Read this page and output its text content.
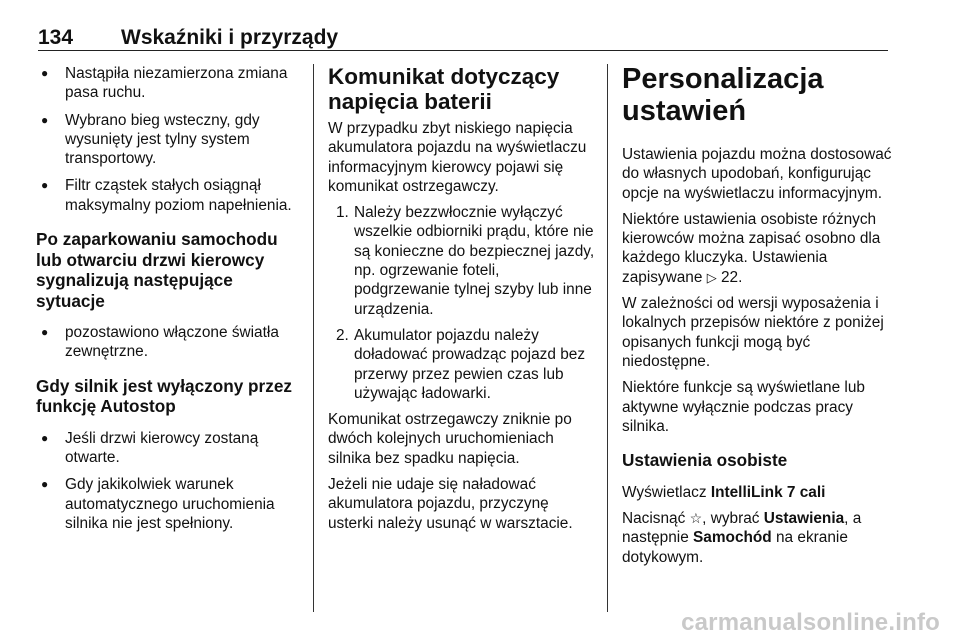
134 Wskaźniki i przyrządy
● Nastąpiła niezamierzona zmiana pasa ruchu.
● Wybrano bieg wsteczny, gdy wysunięty jest tylny system transportowy.
● Filtr cząstek stałych osiągnął maksymalny poziom napełnienia.
Po zaparkowaniu samochodu lub otwarciu drzwi kierowcy sygnalizują następujące sytuacje
● pozostawiono włączone światła zewnętrzne.
Gdy silnik jest wyłączony przez funkcję Autostop
● Jeśli drzwi kierowcy zostaną otwarte.
● Gdy jakikolwiek warunek automatycznego uruchomienia silnika nie jest spełniony.
Komunikat dotyczący napięcia baterii

W przypadku zbyt niskiego napięcia akumulatora pojazdu na wyświetlaczu informacyjnym kierowcy pojawi się komunikat ostrzegawczy.

1. Należy bezzwłocznie wyłączyć wszelkie odbiorniki prądu, które nie są konieczne do bezpiecznej jazdy, np. ogrzewanie foteli, podgrzewanie tylnej szyby lub inne urządzenia.
2. Akumulator pojazdu należy doładować prowadząc pojazd bez przerwy przez pewien czas lub używając ładowarki.

Komunikat ostrzegawczy zniknie po dwóch kolejnych uruchomieniach silnika bez spadku napięcia.

Jeżeli nie udaje się naładować akumulatora pojazdu, przyczynę usterki należy usunąć w warsztacie.

Personalizacja ustawień

Ustawienia pojazdu można dostosować do własnych upodobań, konfigurując opcje na wyświetlaczu informacyjnym.

Niektóre ustawienia osobiste różnych kierowców można zapisać osobno dla każdego kluczyka. Ustawienia zapisywane ▷ 22.

W zależności od wersji wyposażenia i lokalnych przepisów niektóre z poniżej opisanych funkcji mogą być niedostępne.

Niektóre funkcje są wyświetlane lub aktywne wyłącznie podczas pracy silnika.

Ustawienia osobiste

Wyświetlacz IntelliLink 7 cali

Nacisnąć ☆, wybrać Ustawienia, a następnie Samochód na ekranie dotykowym.

carmanualsonline.info
